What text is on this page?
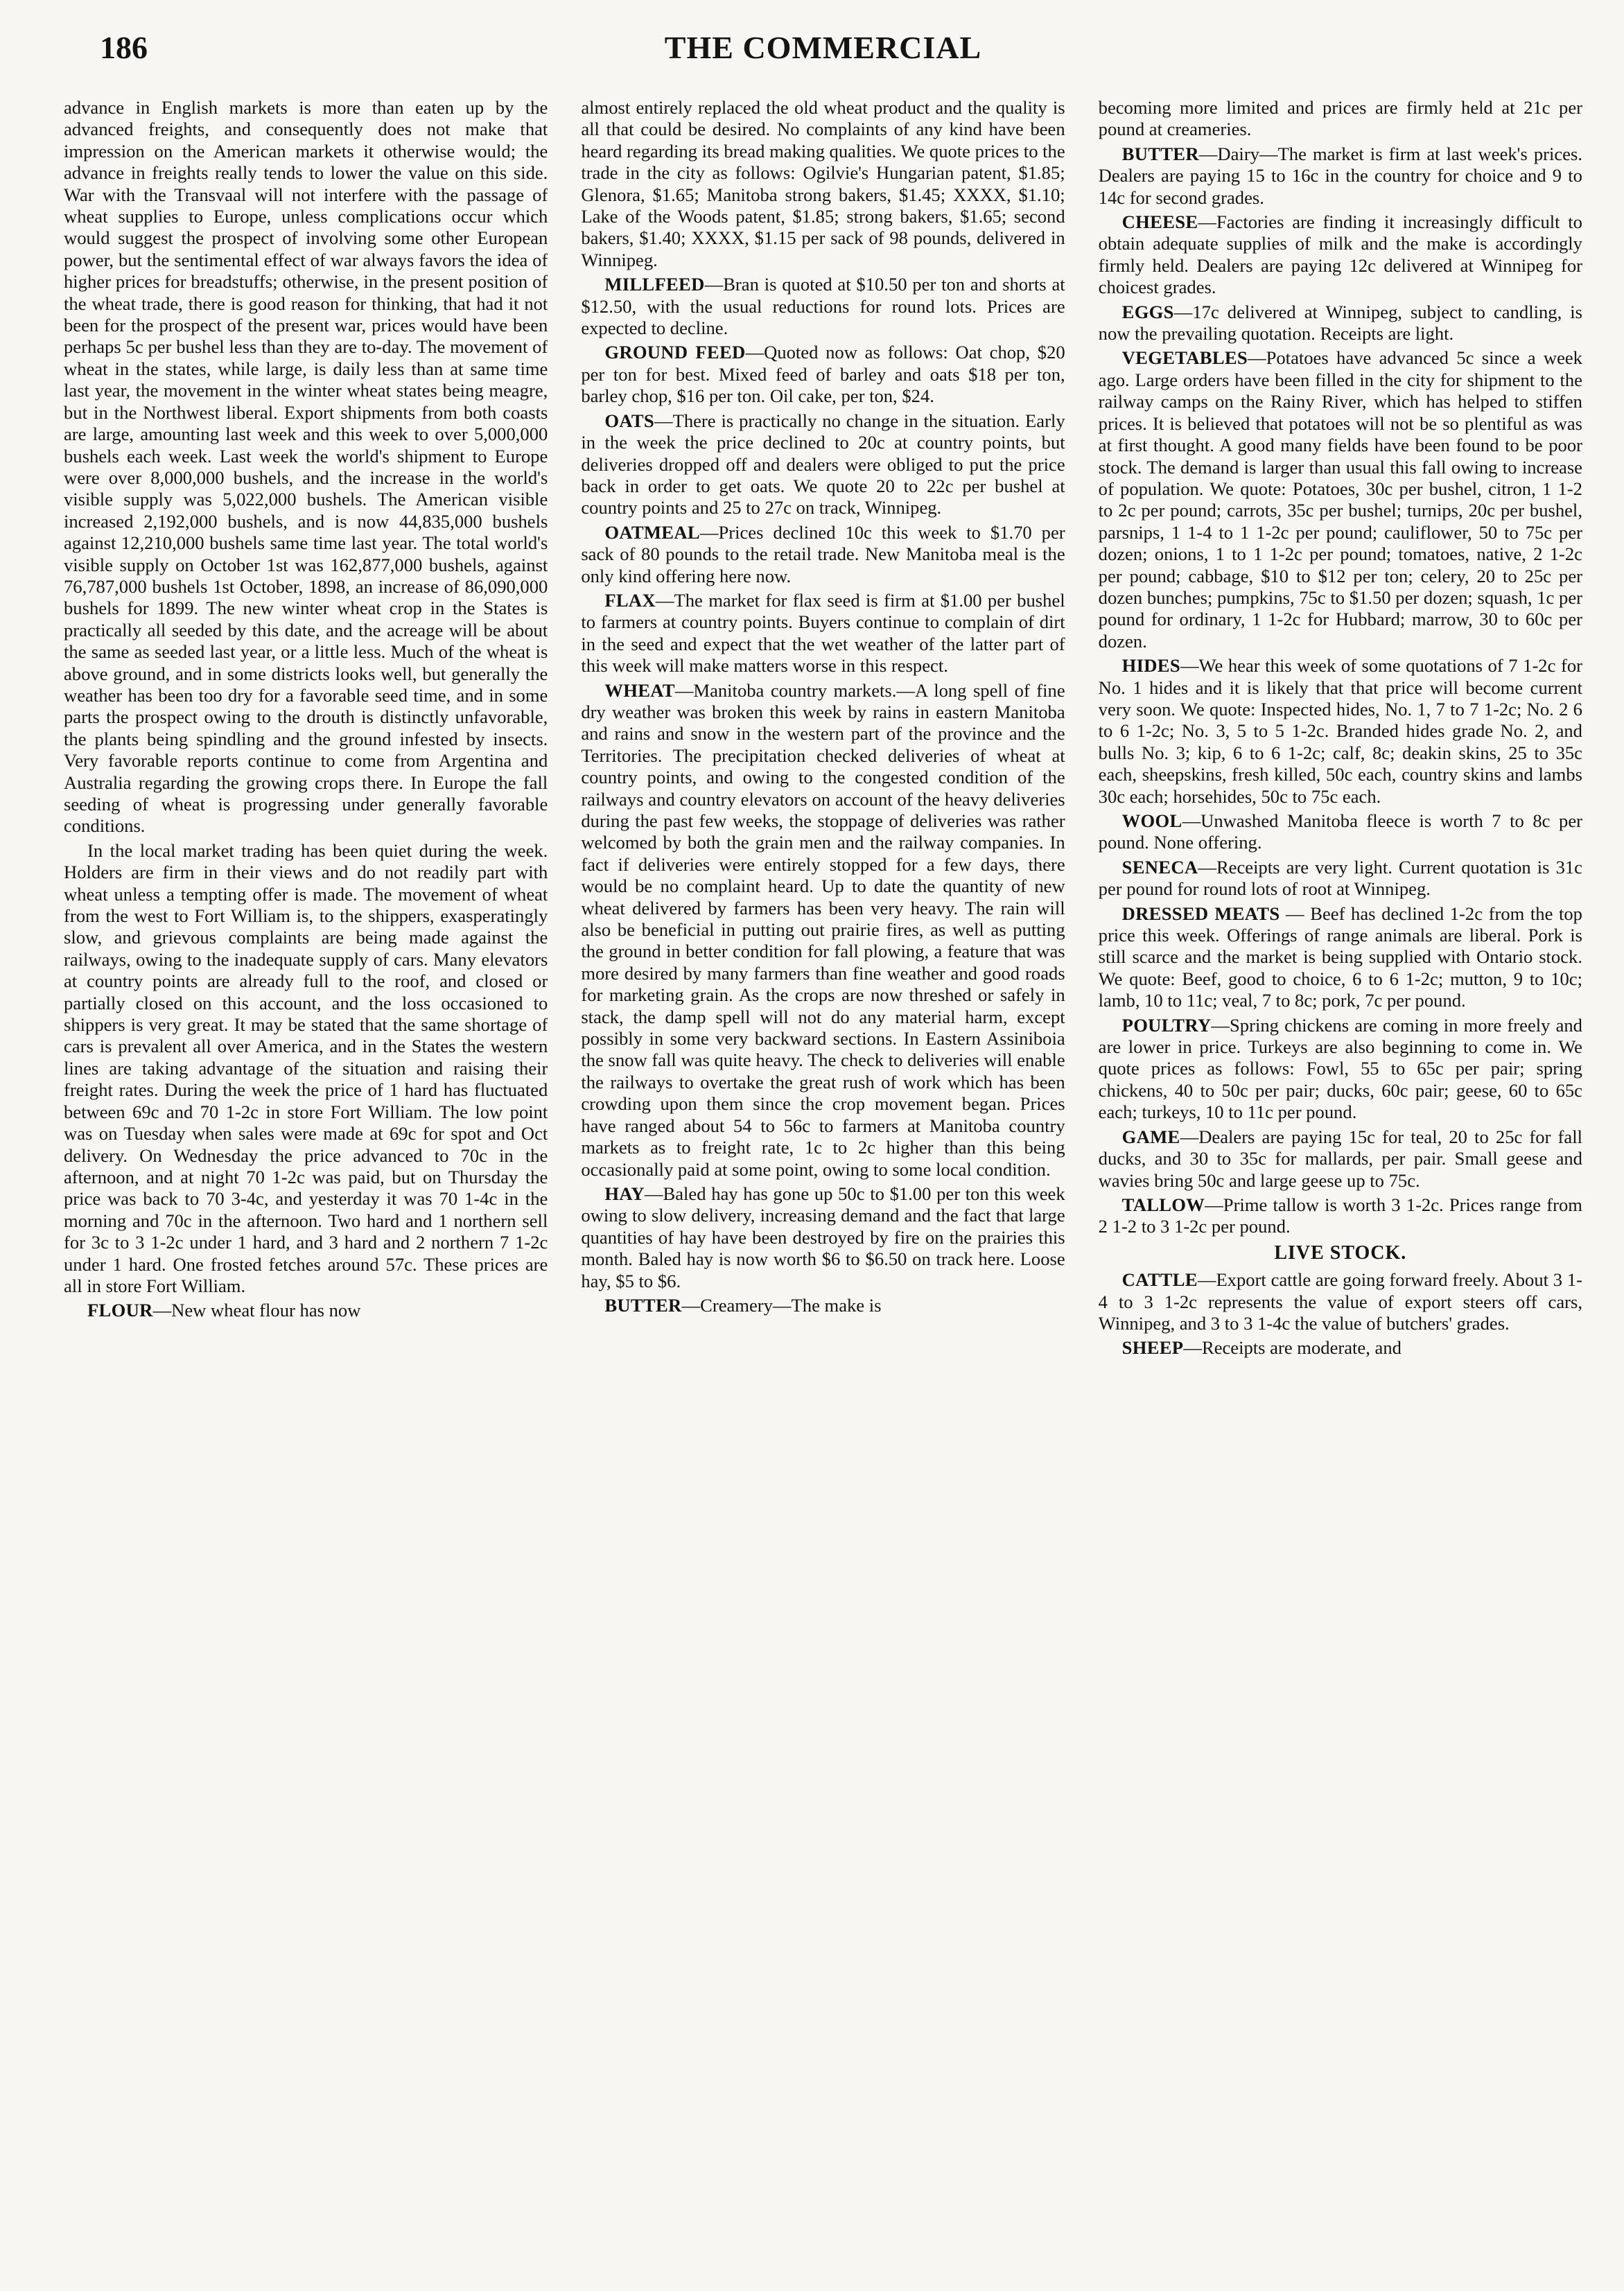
186	THE COMMERCIAL

advance in English markets is more than eaten up by the advanced freights, and consequently does not make that impression on the American markets it otherwise would; the advance in freights really tends to lower the value on this side. War with the Transvaal will not interfere with the passage of wheat supplies to Europe, unless complications occur which would suggest the prospect of involving some other European power, but the sentimental effect of war always favors the idea of higher prices for breadstuffs; otherwise, in the present position of the wheat trade, there is good reason for thinking, that had it not been for the prospect of the present war, prices would have been perhaps 5c per bushel less than they are to-day. The movement of wheat in the states, while large, is daily less than at same time last year, the movement in the winter wheat states being meagre, but in the Northwest liberal. Export shipments from both coasts are large, amounting last week and this week to over 5,000,000 bushels each week. Last week the world's shipment to Europe were over 8,000,000 bushels, and the increase in the world's visible supply was 5,022,000 bushels. The American visible increased 2,192,000 bushels, and is now 44,835,000 bushels against 12,210,000 bushels same time last year. The total world's visible supply on October 1st was 162,877,000 bushels, against 76,787,000 bushels 1st October, 1898, an increase of 86,090,000 bushels for 1899. The new winter wheat crop in the States is practically all seeded by this date, and the acreage will be about the same as seeded last year, or a little less. Much of the wheat is above ground, and in some districts looks well, but generally the weather has been too dry for a favorable seed time, and in some parts the prospect owing to the drouth is distinctly unfavorable, the plants being spindling and the ground infested by insects. Very favorable reports continue to come from Argentina and Australia regarding the growing crops there. In Europe the fall seeding of wheat is progressing under generally favorable conditions.

In the local market trading has been quiet during the week. Holders are firm in their views and do not readily part with wheat unless a tempting offer is made. The movement of wheat from the west to Fort William is, to the shippers, exasperatingly slow, and grievous complaints are being made against the railways, owing to the inadequate supply of cars. Many elevators at country points are already full to the roof, and closed or partially closed on this account, and the loss occasioned to shippers is very great. It may be stated that the same shortage of cars is prevalent all over America, and in the States the western lines are taking advantage of the situation and raising their freight rates. During the week the price of 1 hard has fluctuated between 69c and 70 1-2c in store Fort William. The low point was on Tuesday when sales were made at 69c for spot and Oct delivery. On Wednesday the price advanced to 70c in the afternoon, and at night 70 1-2c was paid, but on Thursday the price was back to 70 3-4c, and yesterday it was 70 1-4c in the morning and 70c in the afternoon. Two hard and 1 northern sell for 3c to 3 1-2c under 1 hard, and 3 hard and 2 northern 7 1-2c under 1 hard. One frosted fetches around 57c. These prices are all in store Fort William.

FLOUR—New wheat flour has now

almost entirely replaced the old wheat product and the quality is all that could be desired. No complaints of any kind have been heard regarding its bread making qualities. We quote prices to the trade in the city as follows: Ogilvie's Hungarian patent, $1.85; Glenora, $1.65; Manitoba strong bakers, $1.45; XXXX, $1.10; Lake of the Woods patent, $1.85; strong bakers, $1.65; second bakers, $1.40; XXXX, $1.15 per sack of 98 pounds, delivered in Winnipeg.

MILLFEED—Bran is quoted at $10.50 per ton and shorts at $12.50, with the usual reductions for round lots. Prices are expected to decline.

GROUND FEED—Quoted now as follows: Oat chop, $20 per ton for best. Mixed feed of barley and oats $18 per ton, barley chop, $16 per ton. Oil cake, per ton, $24.

OATS—There is practically no change in the situation. Early in the week the price declined to 20c at country points, but deliveries dropped off and dealers were obliged to put the price back in order to get oats. We quote 20 to 22c per bushel at country points and 25 to 27c on track, Winnipeg.

OATMEAL—Prices declined 10c this week to $1.70 per sack of 80 pounds to the retail trade. New Manitoba meal is the only kind offering here now.

FLAX—The market for flax seed is firm at $1.00 per bushel to farmers at country points. Buyers continue to complain of dirt in the seed and expect that the wet weather of the latter part of this week will make matters worse in this respect.

WHEAT—Manitoba country markets.—A long spell of fine dry weather was broken this week by rains in eastern Manitoba and rains and snow in the western part of the province and the Territories. The precipitation checked deliveries of wheat at country points, and owing to the congested condition of the railways and country elevators on account of the heavy deliveries during the past few weeks, the stoppage of deliveries was rather welcomed by both the grain men and the railway companies. In fact if deliveries were entirely stopped for a few days, there would be no complaint heard. Up to date the quantity of new wheat delivered by farmers has been very heavy. The rain will also be beneficial in putting out prairie fires, as well as putting the ground in better condition for fall plowing, a feature that was more desired by many farmers than fine weather and good roads for marketing grain. As the crops are now threshed or safely in stack, the damp spell will not do any material harm, except possibly in some very backward sections. In Eastern Assiniboia the snow fall was quite heavy. The check to deliveries will enable the railways to overtake the great rush of work which has been crowding upon them since the crop movement began. Prices have ranged about 54 to 56c to farmers at Manitoba country markets as to freight rate, 1c to 2c higher than this being occasionally paid at some point, owing to some local condition.

HAY—Baled hay has gone up 50c to $1.00 per ton this week owing to slow delivery, increasing demand and the fact that large quantities of hay have been destroyed by fire on the prairies this month. Baled hay is now worth $6 to $6.50 on track here. Loose hay, $5 to $6.

BUTTER—Creamery—The make is

becoming more limited and prices are firmly held at 21c per pound at creameries.

BUTTER—Dairy—The market is firm at last week's prices. Dealers are paying 15 to 16c in the country for choice and 9 to 14c for second grades.

CHEESE—Factories are finding it increasingly difficult to obtain adequate supplies of milk and the make is accordingly firmly held. Dealers are paying 12c delivered at Winnipeg for choicest grades.

EGGS—17c delivered at Winnipeg, subject to candling, is now the prevailing quotation. Receipts are light.

VEGETABLES—Potatoes have advanced 5c since a week ago. Large orders have been filled in the city for shipment to the railway camps on the Rainy River, which has helped to stiffen prices. It is believed that potatoes will not be so plentiful as was at first thought. A good many fields have been found to be poor stock. The demand is larger than usual this fall owing to increase of population. We quote: Potatoes, 30c per bushel, citron, 1 1-2 to 2c per pound; carrots, 35c per bushel; turnips, 20c per bushel, parsnips, 1 1-4 to 1 1-2c per pound; cauliflower, 50 to 75c per dozen; onions, 1 to 1 1-2c per pound; tomatoes, native, 2 1-2c per pound; cabbage, $10 to $12 per ton; celery, 20 to 25c per dozen bunches; pumpkins, 75c to $1.50 per dozen; squash, 1c per pound for ordinary, 1 1-2c for Hubbard; marrow, 30 to 60c per dozen.

HIDES—We hear this week of some quotations of 7 1-2c for No. 1 hides and it is likely that that price will become current very soon. We quote: Inspected hides, No. 1, 7 to 7 1-2c; No. 2 6 to 6 1-2c; No. 3, 5 to 5 1-2c. Branded hides grade No. 2, and bulls No. 3; kip, 6 to 6 1-2c; calf, 8c; deakin skins, 25 to 35c each, sheepskins, fresh killed, 50c each, country skins and lambs 30c each; horsehides, 50c to 75c each.

WOOL—Unwashed Manitoba fleece is worth 7 to 8c per pound. None offering.

SENECA—Receipts are very light. Current quotation is 31c per pound for round lots of root at Winnipeg.

DRESSED MEATS — Beef has declined 1-2c from the top price this week. Offerings of range animals are liberal. Pork is still scarce and the market is being supplied with Ontario stock. We quote: Beef, good to choice, 6 to 6 1-2c; mutton, 9 to 10c; lamb, 10 to 11c; veal, 7 to 8c; pork, 7c per pound.

POULTRY—Spring chickens are coming in more freely and are lower in price. Turkeys are also beginning to come in. We quote prices as follows: Fowl, 55 to 65c per pair; spring chickens, 40 to 50c per pair; ducks, 60c pair; geese, 60 to 65c each; turkeys, 10 to 11c per pound.

GAME—Dealers are paying 15c for teal, 20 to 25c for fall ducks, and 30 to 35c for mallards, per pair. Small geese and wavies bring 50c and large geese up to 75c.

TALLOW—Prime tallow is worth 3 1-2c. Prices range from 2 1-2 to 3 1-2c per pound.

LIVE STOCK.

CATTLE—Export cattle are going forward freely. About 3 1-4 to 3 1-2c represents the value of export steers off cars, Winnipeg, and 3 to 3 1-4c the value of butchers' grades.

SHEEP—Receipts are moderate, and
